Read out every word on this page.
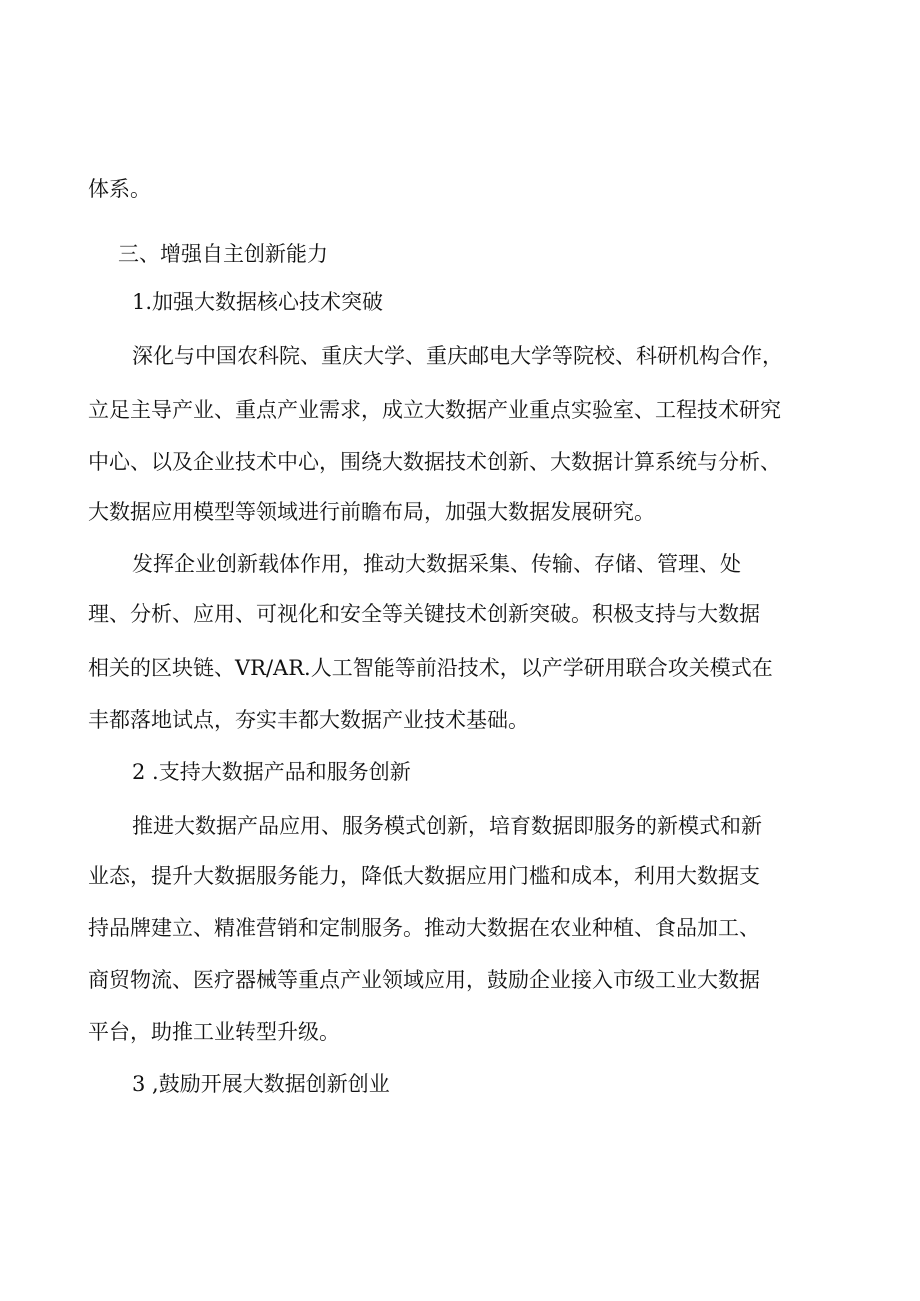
体系。

三、增强自主创新能力

1.加强大数据核心技术突破

深化与中国农科院、重庆大学、重庆邮电大学等院校、科研机构合作，

立足主导产业、重点产业需求，成立大数据产业重点实验室、工程技术研究

中心、以及企业技术中心，围绕大数据技术创新、大数据计算系统与分析、

大数据应用模型等领域进行前瞻布局，加强大数据发展研究。

发挥企业创新载体作用，推动大数据采集、传输、存储、管理、处

理、分析、应用、可视化和安全等关键技术创新突破。积极支持与大数据

相关的区块链、VR/AR.人工智能等前沿技术，以产学研用联合攻关模式在

丰都落地试点，夯实丰都大数据产业技术基础。

2 .支持大数据产品和服务创新

推进大数据产品应用、服务模式创新，培育数据即服务的新模式和新

业态，提升大数据服务能力，降低大数据应用门槛和成本，利用大数据支

持品牌建立、精准营销和定制服务。推动大数据在农业种植、食品加工、

商贸物流、医疗器械等重点产业领域应用，鼓励企业接入市级工业大数据

平台，助推工业转型升级。

3 ,鼓励开展大数据创新创业
